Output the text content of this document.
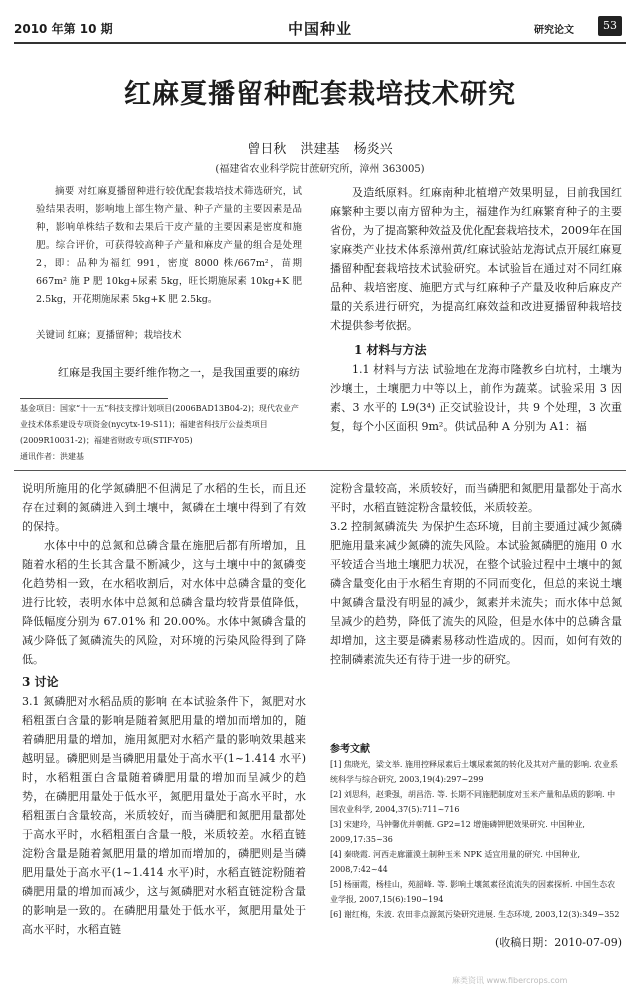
2010 年第 10 期	中国种业	研究论文	53
红麻夏播留种配套栽培技术研究
曾日秋 洪建基 杨炎兴
(福建省农业科学院甘蔗研究所，漳州 363005)

摘要 对红麻夏播留种进行较优配套栽培技术筛选研究，试验结果表明，影响地上部生物产量、种子产量的主要因素是品种，影响单株结子数和去果后干皮产量的主要因素是密度和施肥。综合评价，可获得较高种子产量和麻皮产量的组合是处理 2，即：品种为福红 991，密度 8000 株/667m²，苗期 667m² 施 P 肥 10kg+尿素 5kg，旺长期施尿素 10kg+K 肥 2.5kg，开花期施尿素 5kg+K 肥 2.5kg。

关键词 红麻；夏播留种；栽培技术

红麻是我国主要纤维作物之一，是我国重要的麻纺

基金项目：国家“十一五”科技支撑计划项目(2006BAD13B04-2)；现代农业产业技术体系建设专项资金(nycytx-19-S11)；福建省科技厅公益类项目(2009R10031-2)；福建省财政专项(STIF-Y05)

通讯作者：洪建基

及造纸原料。红麻南种北植增产效果明显，目前我国红麻繁种主要以南方留种为主，福建作为红麻繁育种子的主要省份，为了提高繁种效益及优化配套栽培技术，2009年在国家麻类产业技术体系漳州黄/红麻试验站龙海试点开展红麻夏播留种配套栽培技术试验研究。本试验旨在通过对不同红麻品种、栽培密度、施肥方式与红麻种子产量及收种后麻皮产量的关系进行研究，为提高红麻效益和改进夏播留种栽培技术提供参考依据。

1 材料与方法

1.1 材料与方法 试验地在龙海市隆教乡白坑村，土壤为沙壤土，土壤肥力中等以上，前作为蔬菜。试验采用 3 因素、3 水平的 L9(3⁴) 正交试验设计，共 9 个处理，3 次重复，每个小区面积 9m²。供试品种 A 分别为 A1：福

说明所施用的化学氮磷肥不但满足了水稻的生长，而且还存在过剩的氮磷进入到土壤中，氮磷在土壤中得到了有效的保持。

水体中中的总氮和总磷含量在施肥后都有所增加，且随着水稻的生长其含量不断减少，这与土壤中中的氮磷变化趋势相一致，在水稻收割后，对水体中总磷含量的变化进行比较，表明水体中总氮和总磷含量均较背景值降低，降低幅度分别为 67.01% 和 20.00%。水体中氮磷含量的减少降低了氮磷流失的风险，对环境的污染风险得到了降低。

3 讨论

3.1 氮磷肥对水稻品质的影响 在本试验条件下，氮肥对水稻粗蛋白含量的影响是随着氮肥用量的增加而增加的，随着磷肥用量的增加，施用氮肥对水稻产量的影响效果越来越明显。磷肥则是当磷肥用量处于高水平(1~1.414 水平)时，水稻粗蛋白含量随着磷肥用量的增加而呈减少的趋势，在磷肥用量处于低水平，氮肥用量处于高水平时，水稻粗蛋白含量较高，米质较好，而当磷肥和氮肥用量都处于高水平时，水稻粗蛋白含量一般，米质较差。水稻直链淀粉含量是随着氮肥用量的增加而增加的，磷肥则是当磷肥用量处于高水平(1~1.414 水平)时，水稻直链淀粉随着磷肥用量的增加而减少，这与氮磷肥对水稻直链淀粉含量的影响是一致的。在磷肥用量处于低水平，氮肥用量处于高水平时，水稻直链

淀粉含量较高，米质较好，而当磷肥和氮肥用量都处于高水平时，水稻直链淀粉含量较低，米质较差。

3.2 控制氮磷流失 为保护生态环境，目前主要通过减少氮磷肥施用量来减少氮磷的流失风险。本试验氮磷肥的施用 0 水平较适合当地土壤肥力状况，在整个试验过程中土壤中的氮磷含量变化由于水稻生育期的不同而变化，但总的来说土壤中氮磷含量没有明显的减少，氮素并未流失；而水体中总氮呈减少的趋势，降低了流失的风险，但是水体中的总磷含量却增加，这主要是磷素易移动性造成的。因而，如何有效的控制磷素流失还有待于进一步的研究。

参考文献

[1] 焦晓光，梁文举. 施用控释尿素后土壤尿素氮的转化及其对产量的影响. 农业系统科学与综合研究, 2003,19(4):297~299

[2] 刘思科，赵秉强，胡昌浩. 等. 长期不同施肥制度对玉米产量和品质的影响. 中国农业科学, 2004,37(5):711~716

[3] 宋建玲，马钟馨优并朝薇. GP2=12 增施磷钾肥效果研究. 中国种业, 2009,17:35~36

[4] 秦晓霞. 河西走廊灌漠土制种玉米 NPK 适宜用量的研究. 中国种业, 2008,7:42~44

[5] 杨丽霞，杨桂山，苑韶峰. 等. 影响土壤氮素径流流失的因素探析. 中国生态农业学报, 2007,15(6):190~194

[6] 谢红梅，朱波. 农田非点源氮污染研究进展. 生态环境, 2003,12(3):349~352

(收稿日期：2010-07-09)
麻类资讯 www.fibercrops.com
